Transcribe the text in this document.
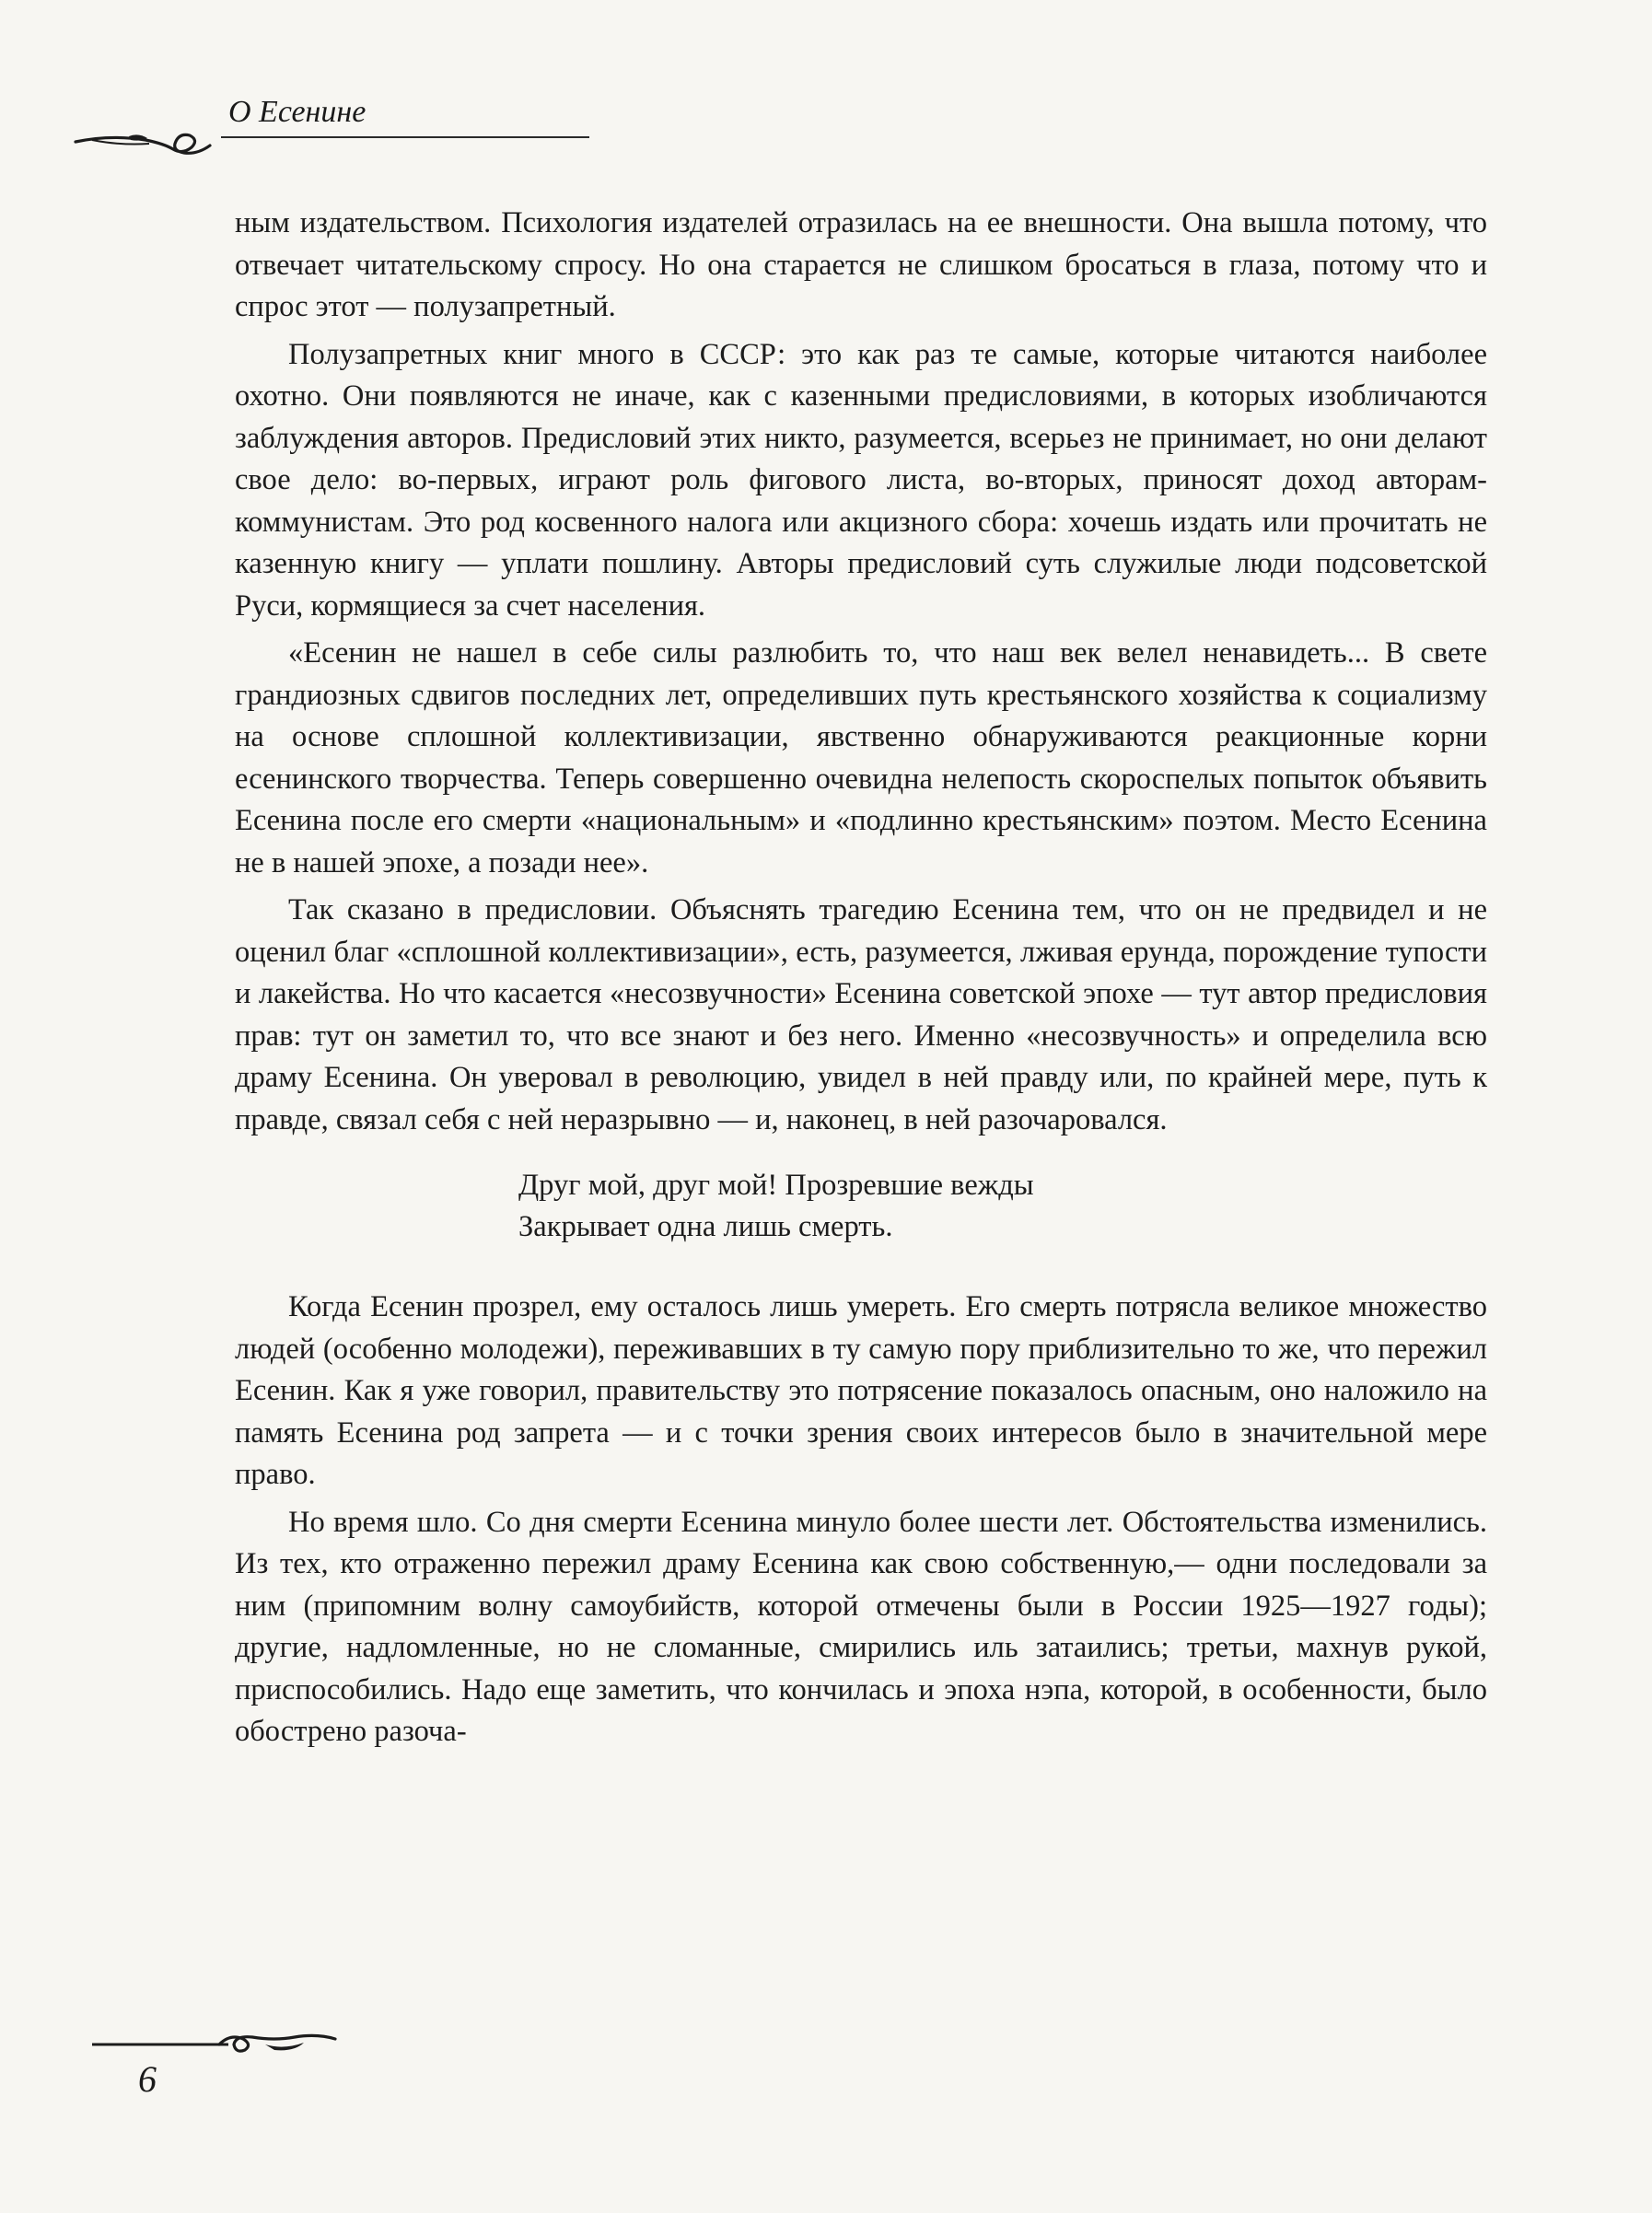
О Есенине

ным издательством. Психология издателей отразилась на ее внешности. Она вышла потому, что отвечает читательскому спросу. Но она старается не слишком бросаться в глаза, потому что и спрос этот — полузапретный.

Полузапретных книг много в СССР: это как раз те самые, которые читаются наиболее охотно. Они появляются не иначе, как с казенными предисловиями, в которых изобличаются заблуждения авторов. Предисловий этих никто, разумеется, всерьез не принимает, но они делают свое дело: во-первых, играют роль фигового листа, во-вторых, приносят доход авторам-коммунистам. Это род косвенного налога или акцизного сбора: хочешь издать или прочитать не казенную книгу — уплати пошлину. Авторы предисловий суть служилые люди подсоветской Руси, кормящиеся за счет населения.

«Есенин не нашел в себе силы разлюбить то, что наш век велел ненавидеть... В свете грандиозных сдвигов последних лет, определивших путь крестьянского хозяйства к социализму на основе сплошной коллективизации, явственно обнаруживаются реакционные корни есенинского творчества. Теперь совершенно очевидна нелепость скороспелых попыток объявить Есенина после его смерти «национальным» и «подлинно крестьянским» поэтом. Место Есенина не в нашей эпохе, а позади нее».

Так сказано в предисловии. Объяснять трагедию Есенина тем, что он не предвидел и не оценил благ «сплошной коллективизации», есть, разумеется, лживая ерунда, порождение тупости и лакейства. Но что касается «несозвучности» Есенина советской эпохе — тут автор предисловия прав: тут он заметил то, что все знают и без него. Именно «несозвучность» и определила всю драму Есенина. Он уверовал в революцию, увидел в ней правду или, по крайней мере, путь к правде, связал себя с ней неразрывно — и, наконец, в ней разочаровался.

Друг мой, друг мой! Прозревшие вежды
Закрывает одна лишь смерть.

Когда Есенин прозрел, ему осталось лишь умереть. Его смерть потрясла великое множество людей (особенно молодежи), переживавших в ту самую пору приблизительно то же, что пережил Есенин. Как я уже говорил, правительству это потрясение показалось опасным, оно наложило на память Есенина род запрета — и с точки зрения своих интересов было в значительной мере право.

Но время шло. Со дня смерти Есенина минуло более шести лет. Обстоятельства изменились. Из тех, кто отраженно пережил драму Есенина как свою собственную,— одни последовали за ним (припомним волну самоубийств, которой отмечены были в России 1925—1927 годы); другие, надломленные, но не сломанные, смирились иль затаились; третьи, махнув рукой, приспособились. Надо еще заметить, что кончилась и эпоха нэпа, которой, в особенности, было обострено разоча-

6
